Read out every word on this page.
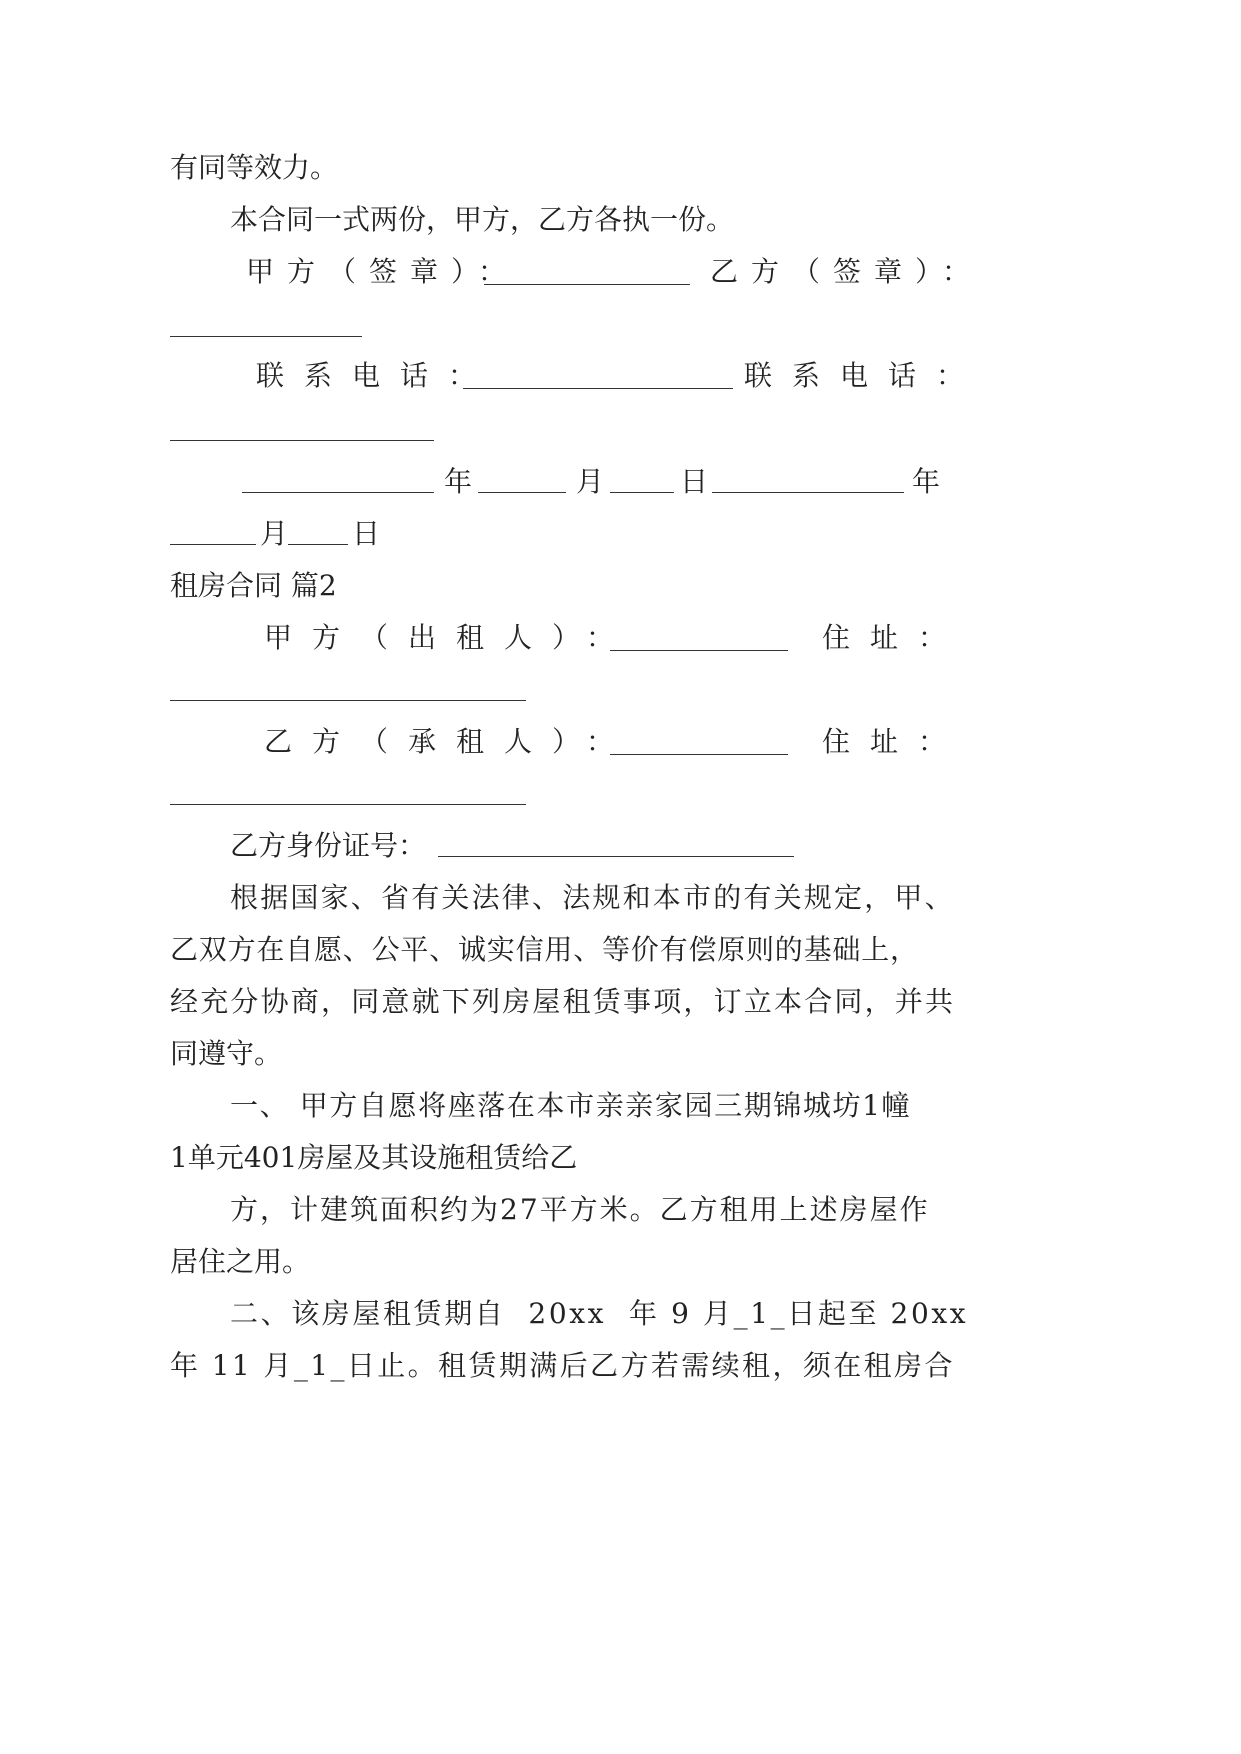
有同等效力。

本合同一式两份，甲方，乙方各执一份。

甲方（签章）：	乙方（签章）：

联系电话：	联系电话：

年	月	日	年

月 日

租房合同 篇2

甲方（出租人）：	住址：

乙方（承租人）：	住址：

乙方身份证号：

根据国家、省有关法律、法规和本市的有关规定，甲、

乙双方在自愿、公平、诚实信用、等价有偿原则的基础上，

经充分协商，同意就下列房屋租赁事项，订立本合同，并共

同遵守。

一、 甲方自愿将座落在本市亲亲家园三期锦城坊1幢

1单元401房屋及其设施租赁给乙

方，计建筑面积约为27平方米。乙方租用上述房屋作

居住之用。

二、该房屋租赁期自  20xx  年 9 月_1_日起至 20xx

年 11 月_1_日止。租赁期满后乙方若需续租，须在租房合
